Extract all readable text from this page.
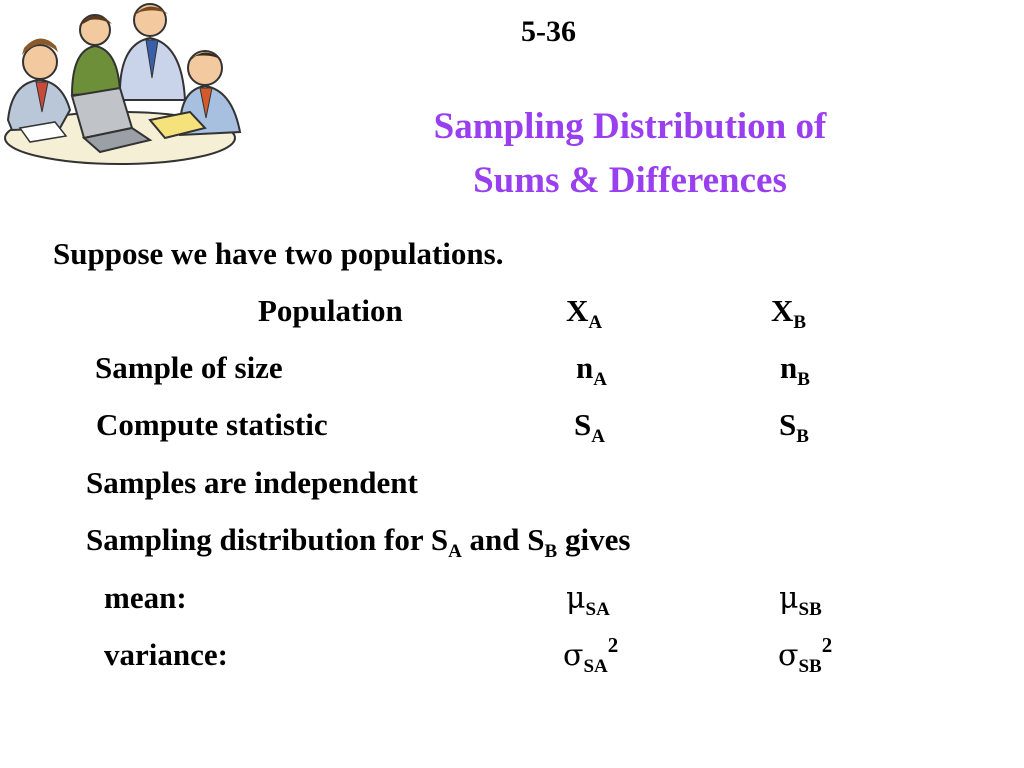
5-36
Sampling Distribution of
Sums & Differences
Suppose we have two populations.
Population	$X_A$	$X_B$
Sample of size	$n_A$	$n_B$
Compute statistic	$S_A$	$S_B$
Samples are independent
Sampling distribution for $S_A$ and $S_B$ gives
mean:	$\mu_{SA}$	$\mu_{SB}$
variance:	$\sigma_{SA}^2$	$\sigma_{SB}^2$
